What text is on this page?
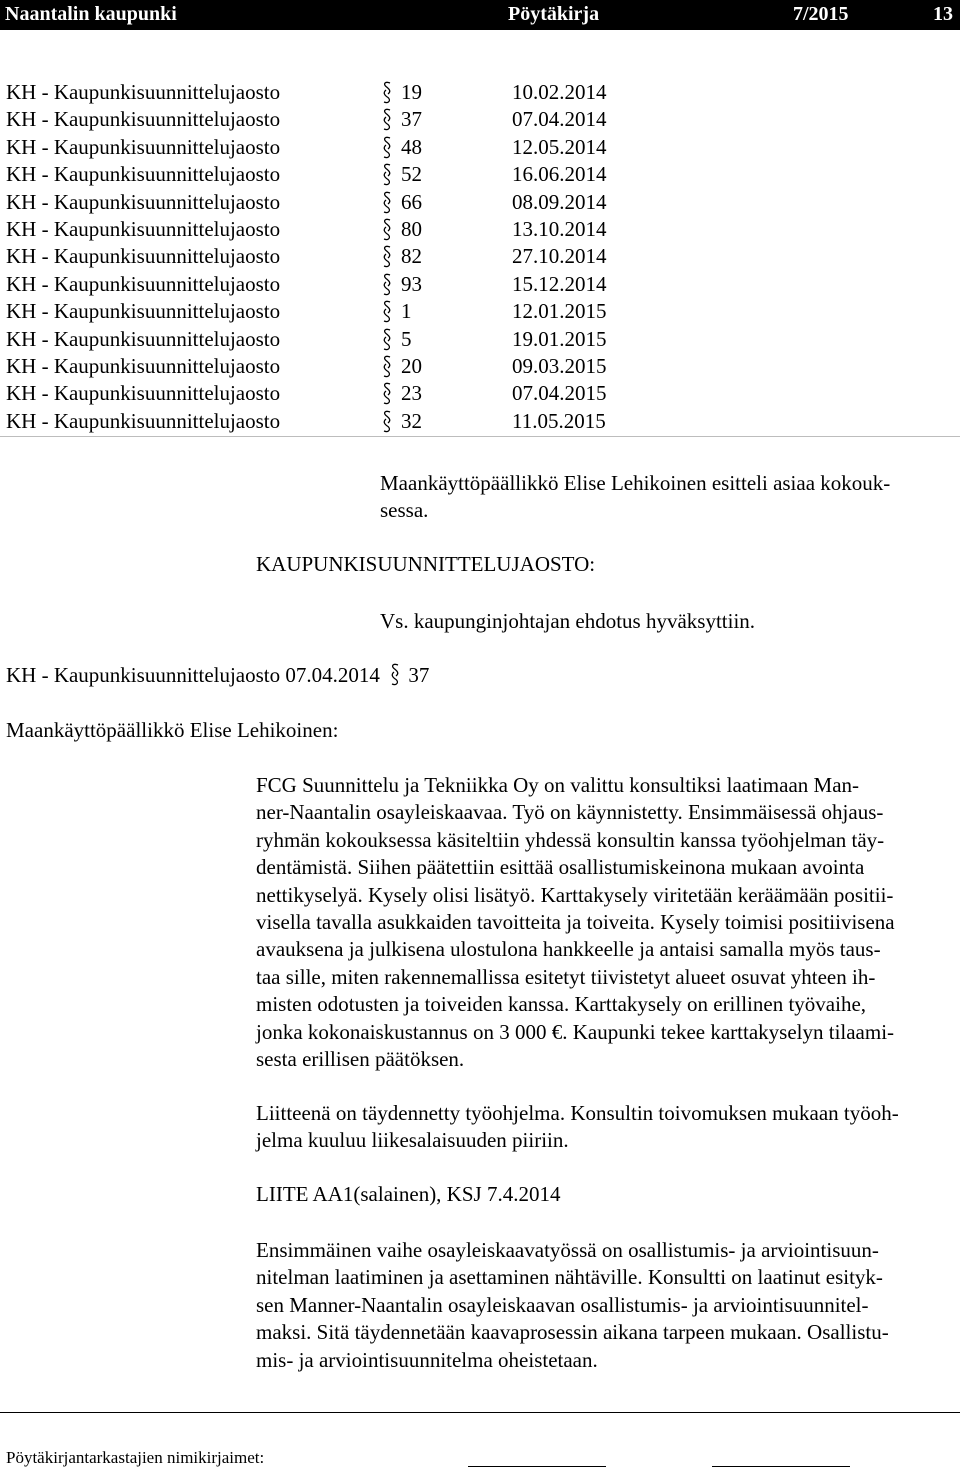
Naantalin kaupunki	Pöytäkirja	7/2015	13
KH - Kaupunkisuunnittelujaosto	19	10.02.2014
KH - Kaupunkisuunnittelujaosto	37	07.04.2014
KH - Kaupunkisuunnittelujaosto	48	12.05.2014
KH - Kaupunkisuunnittelujaosto	52	16.06.2014
KH - Kaupunkisuunnittelujaosto	66	08.09.2014
KH - Kaupunkisuunnittelujaosto	80	13.10.2014
KH - Kaupunkisuunnittelujaosto	82	27.10.2014
KH - Kaupunkisuunnittelujaosto	93	15.12.2014
KH - Kaupunkisuunnittelujaosto	1	12.01.2015
KH - Kaupunkisuunnittelujaosto	5	19.01.2015
KH - Kaupunkisuunnittelujaosto	20	09.03.2015
KH - Kaupunkisuunnittelujaosto	23	07.04.2015
KH - Kaupunkisuunnittelujaosto	32	11.05.2015
Maankäyttöpäällikkö Elise Lehikoinen esitteli asiaa kokouk-
sessa.
KAUPUNKISUUNNITTELUJAOSTO:
Vs. kaupunginjohtajan ehdotus hyväksyttiin.
KH - Kaupunkisuunnittelujaosto 07.04.2014 37
Maankäyttöpäällikkö Elise Lehikoinen:
FCG Suunnittelu ja Tekniikka Oy on valittu konsultiksi laatimaan Man-
ner-Naantalin osayleiskaavaa. Työ on käynnistetty. Ensimmäisessä ohjaus-
ryhmän kokouksessa käsiteltiin yhdessä konsultin kanssa työohjelman täy-
dentämistä. Siihen päätettiin esittää osallistumiskeinona mukaan avointa
nettikyselyä. Kysely olisi lisätyö. Karttakysely viritetään keräämään positii-
visella tavalla asukkaiden tavoitteita ja toiveita. Kysely toimisi positiivisena
avauksena ja julkisena ulostulona hankkeelle ja antaisi samalla myös taus-
taa sille, miten rakennemallissa esitetyt tiivistetyt alueet osuvat yhteen ih-
misten odotusten ja toiveiden kanssa. Karttakysely on erillinen työvaihe,
jonka kokonaiskustannus on 3 000 €. Kaupunki tekee karttakyselyn tilaami-
sesta erillisen päätöksen.
Liitteenä on täydennetty työohjelma. Konsultin toivomuksen mukaan työoh-
jelma kuuluu liikesalaisuuden piiriin.
LIITE AA1(salainen), KSJ 7.4.2014
Ensimmäinen vaihe osayleiskaavatyössä on osallistumis- ja arviointisuun-
nitelman laatiminen ja asettaminen nähtäville. Konsultti on laatinut esityk-
sen Manner-Naantalin osayleiskaavan osallistumis- ja arviointisuunnitel-
maksi. Sitä täydennetään kaavaprosessin aikana tarpeen mukaan. Osallistu-
mis- ja arviointisuunnitelma oheistetaan.
Pöytäkirjantarkastajien nimikirjaimet:
